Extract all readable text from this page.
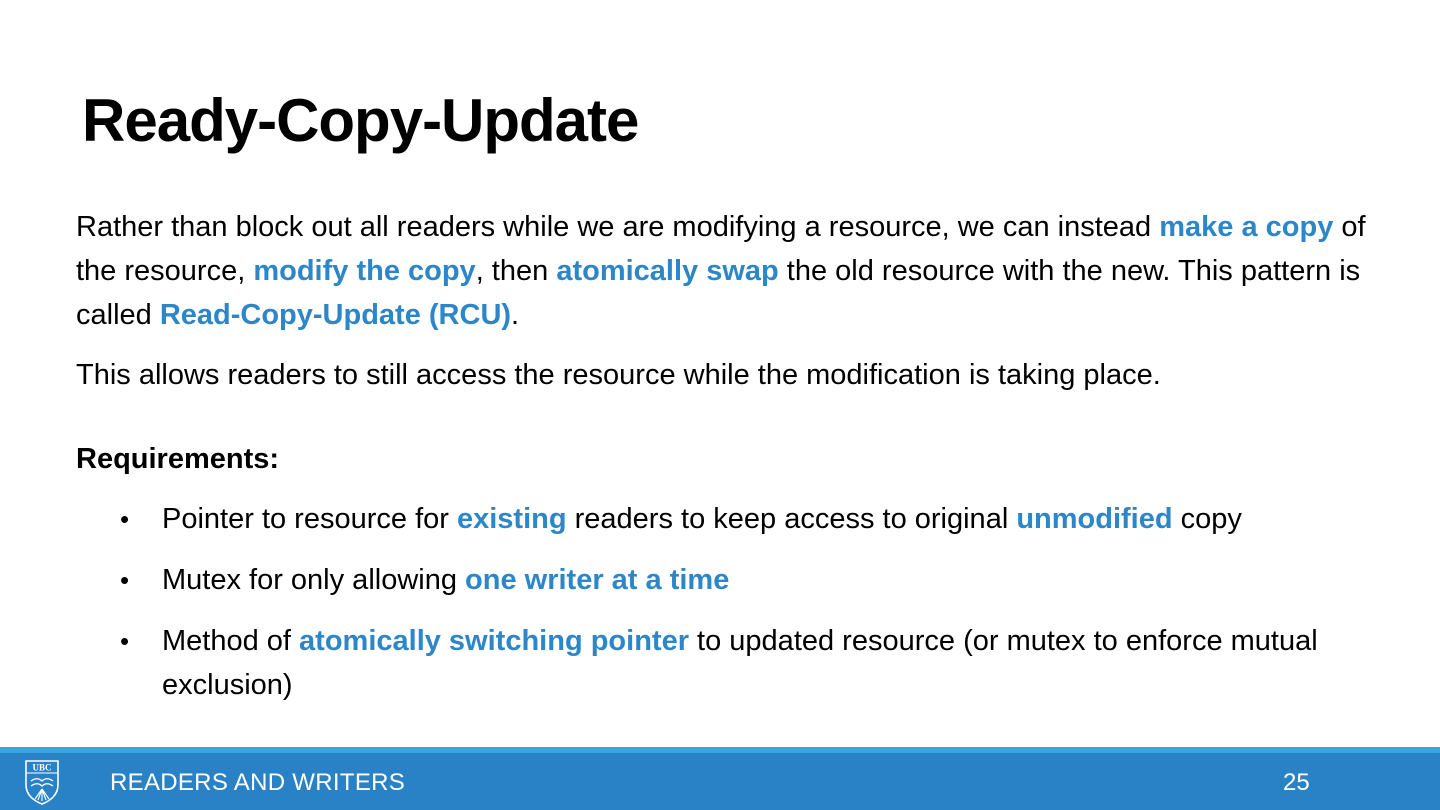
Ready-Copy-Update

Rather than block out all readers while we are modifying a resource, we can instead make a copy of the resource, modify the copy, then atomically swap the old resource with the new. This pattern is called Read-Copy-Update (RCU).

This allows readers to still access the resource while the modification is taking place.

Requirements:

• Pointer to resource for existing readers to keep access to original unmodified copy
• Mutex for only allowing one writer at a time
• Method of atomically switching pointer to updated resource (or mutex to enforce mutual exclusion)
UBC
READERS AND WRITERS	25
